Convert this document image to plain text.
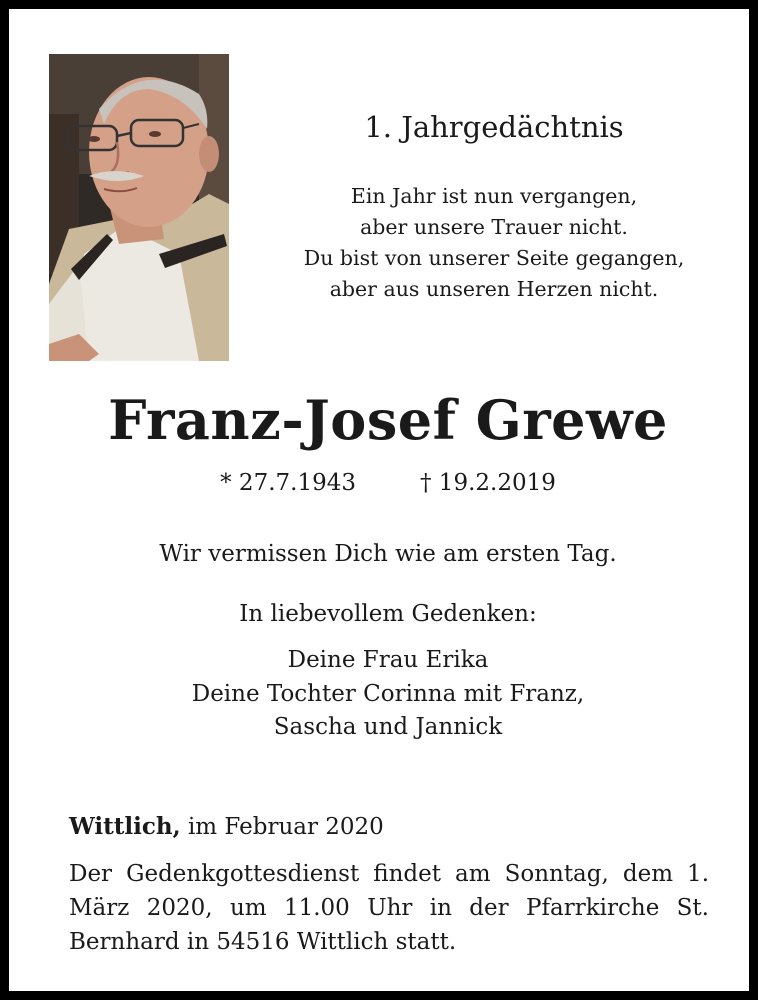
1. Jahrgedächtnis
Ein Jahr ist nun vergangen,
aber unsere Trauer nicht.
Du bist von unserer Seite gegangen,
aber aus unseren Herzen nicht.
Franz-Josef Grewe
* 27.7.1943	† 19.2.2019
Wir vermissen Dich wie am ersten Tag.
In liebevollem Gedenken:
Deine Frau Erika
Deine Tochter Corinna mit Franz,
Sascha und Jannick
Wittlich, im Februar 2020
Der Gedenkgottesdienst findet am Sonntag, dem 1. März 2020, um 11.00 Uhr in der Pfarrkirche St. Bernhard in 54516 Wittlich statt.
